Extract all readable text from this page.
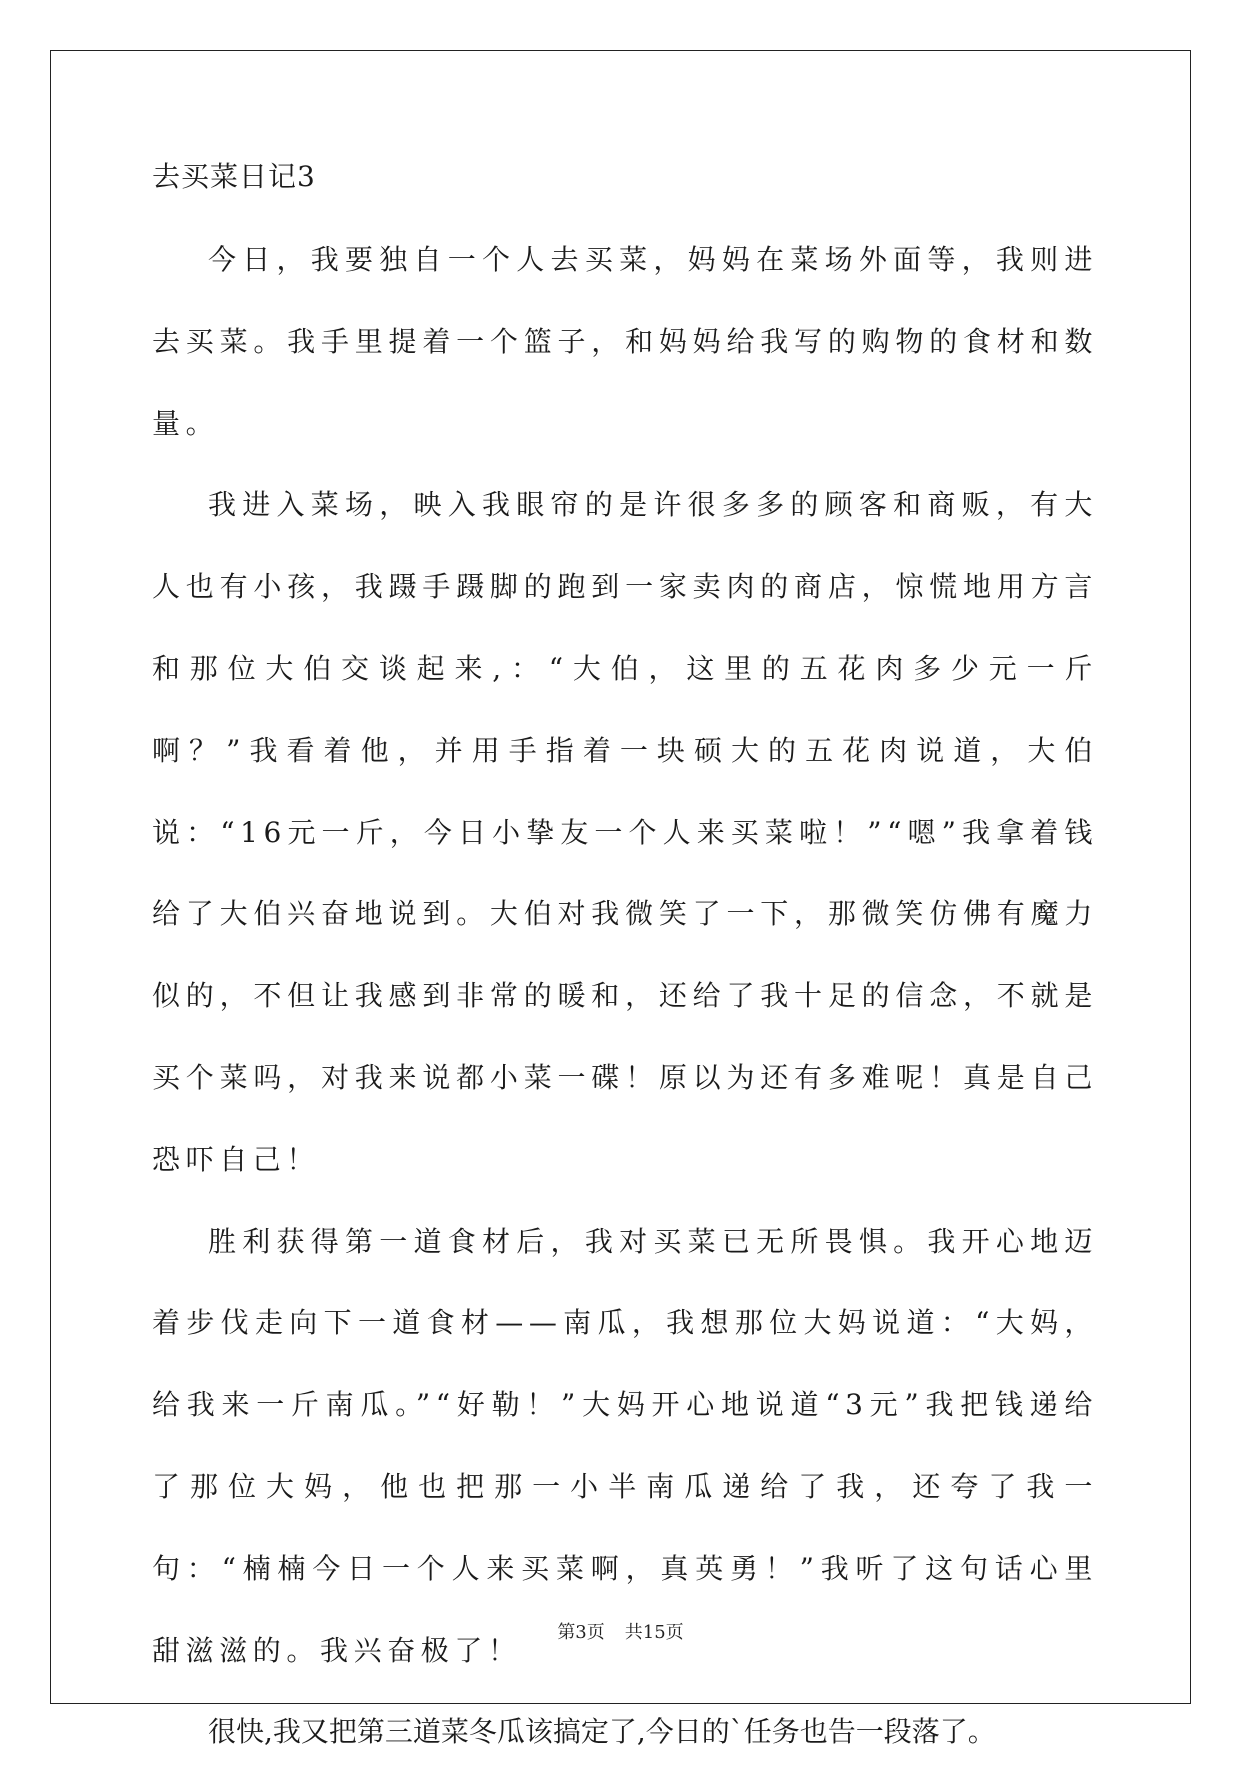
去买菜日记3

今日，我要独自一个人去买菜，妈妈在菜场外面等，我则进去买菜。我手里提着一个篮子，和妈妈给我写的购物的食材和数量。

我进入菜场，映入我眼帘的是许很多多的顾客和商贩，有大人也有小孩，我蹑手蹑脚的跑到一家卖肉的商店，惊慌地用方言和那位大伯交谈起来,：“大伯，这里的五花肉多少元一斤啊？”我看着他，并用手指着一块硕大的五花肉说道，大伯说：“16元一斤，今日小挚友一个人来买菜啦！”“嗯”我拿着钱给了大伯兴奋地说到。大伯对我微笑了一下，那微笑仿佛有魔力似的，不但让我感到非常的暖和，还给了我十足的信念，不就是买个菜吗，对我来说都小菜一碟！原以为还有多难呢！真是自己恐吓自己！

胜利获得第一道食材后，我对买菜已无所畏惧。我开心地迈着步伐走向下一道食材——南瓜，我想那位大妈说道：“大妈，给我来一斤南瓜。”“好勒！”大妈开心地说道“3元”我把钱递给了那位大妈，他也把那一小半南瓜递给了我，还夸了我一句：“楠楠今日一个人来买菜啊，真英勇！”我听了这句话心里甜滋滋的。我兴奋极了！

很快,我又把第三道菜冬瓜该搞定了,今日的`任务也告一段落了。

第3页 共15页
